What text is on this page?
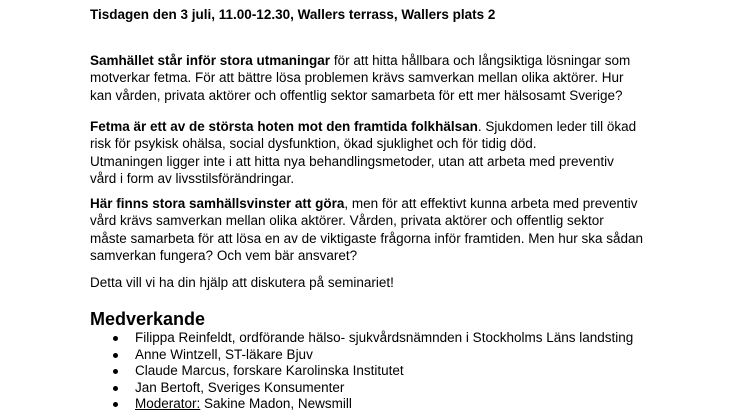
Tisdagen den 3 juli, 11.00-12.30, Wallers terrass, Wallers plats 2

Samhället står inför stora utmaningar för att hitta hållbara och långsiktiga lösningar som
motverkar fetma. För att bättre lösa problemen krävs samverkan mellan olika aktörer. Hur
kan vården, privata aktörer och offentlig sektor samarbeta för ett mer hälsosamt Sverige?

Fetma är ett av de största hoten mot den framtida folkhälsan. Sjukdomen leder till ökad
risk för psykisk ohälsa, social dysfunktion, ökad sjuklighet och för tidig död.
Utmaningen ligger inte i att hitta nya behandlingsmetoder, utan att arbeta med preventiv
vård i form av livsstilsförändringar.

Här finns stora samhällsvinster att göra, men för att effektivt kunna arbeta med preventiv
vård krävs samverkan mellan olika aktörer. Vården, privata aktörer och offentlig sektor
måste samarbeta för att lösa en av de viktigaste frågorna inför framtiden. Men hur ska sådan
samverkan fungera? Och vem bär ansvaret?

Detta vill vi ha din hjälp att diskutera på seminariet!

Medverkande
Filippa Reinfeldt, ordförande hälso- sjukvårdsnämnden i Stockholms Läns landsting
Anne Wintzell, ST-läkare Bjuv
Claude Marcus, forskare Karolinska Institutet
Jan Bertoft, Sveriges Konsumenter
Moderator: Sakine Madon, Newsmill
